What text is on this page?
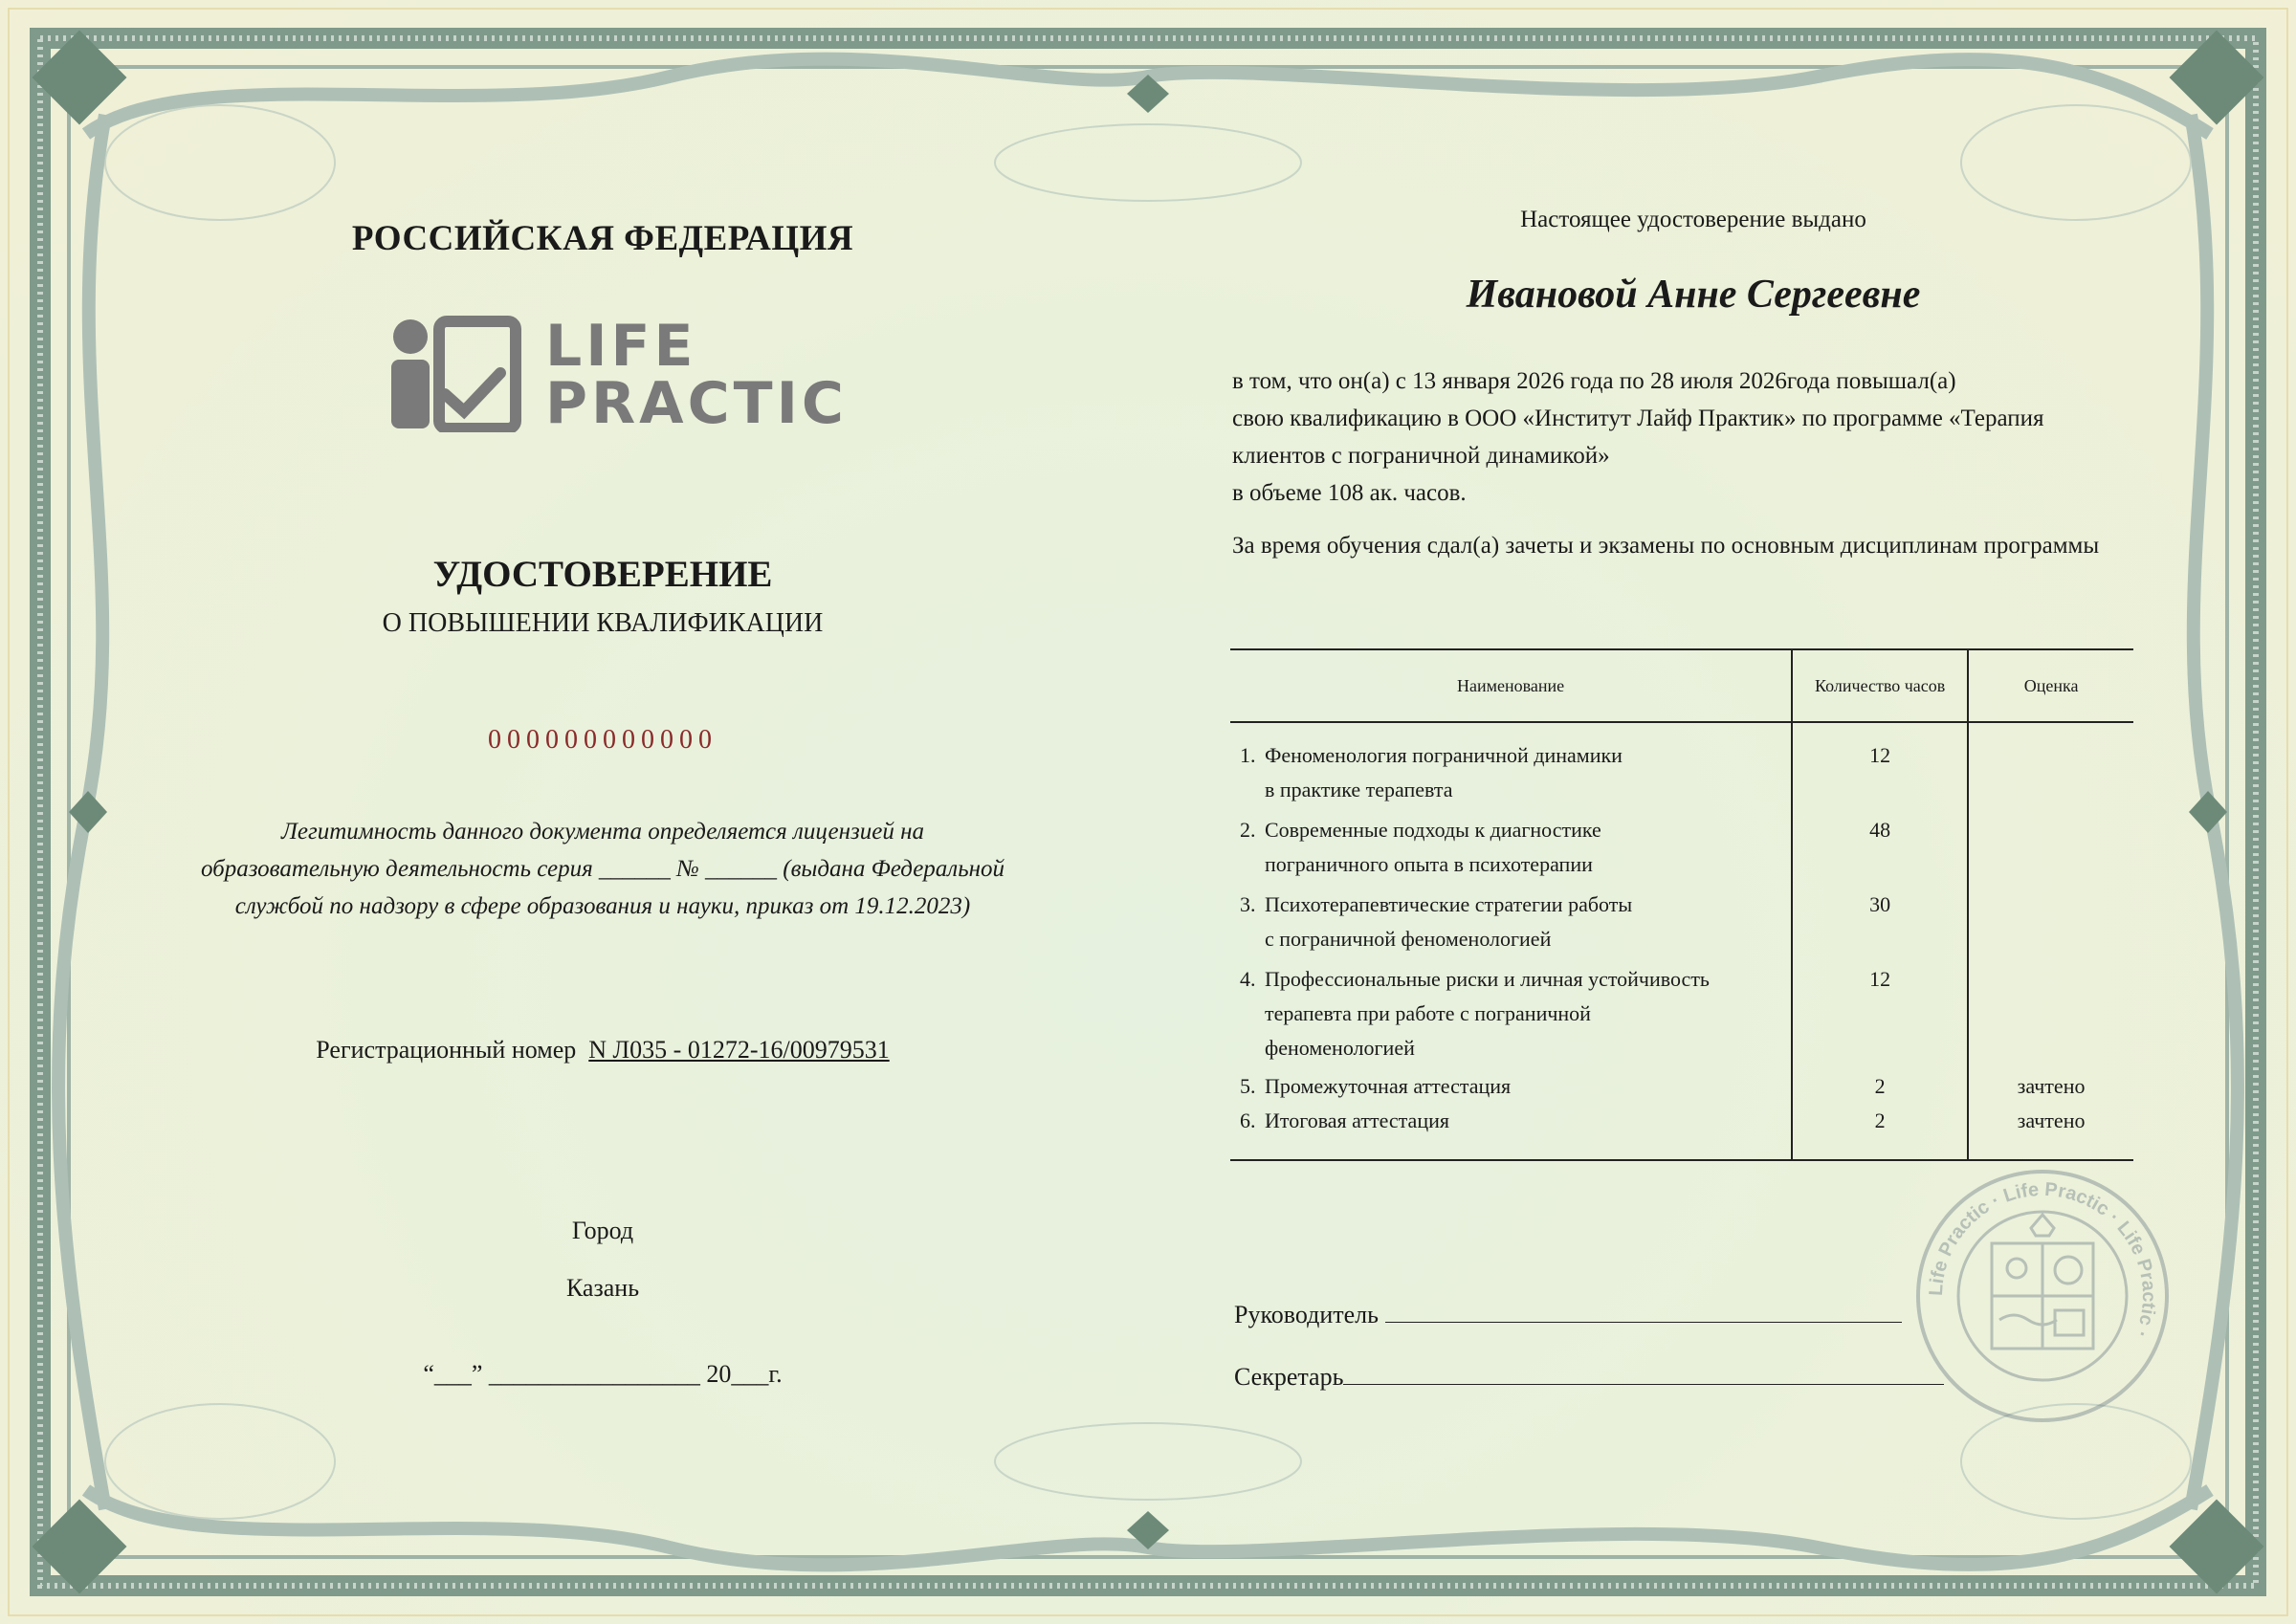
РОССИЙСКАЯ ФЕДЕРАЦИЯ
LIFE
PRACTIC
УДОСТОВЕРЕНИЕ
О ПОВЫШЕНИИ КВАЛИФИКАЦИИ
000000000000
Легитимность данного документа определяется лицензией на образовательную деятельность серия ______ № ______ (выдана Федеральной службой по надзору в сфере образования и науки, приказ от 19.12.2023)
Регистрационный номер N Л035 - 01272-16/00979531
Город
Казань
“___” _________________ 20___г.
Настоящее удостоверение выдано
Ивановой Анне Сергеевне
в том, что он(а) с 13 января 2026 года по 28 июля 2026года повышал(а)
свою квалификацию в ООО «Институт Лайф Практик» по программе «Терапия клиентов с пограничной динамикой»
в объеме 108 ак. часов.
За время обучения сдал(а) зачеты и экзамены по основным дисциплинам программы
Наименование	Количество часов	Оценка

1. Феноменология пограничной динамики
в практике терапевта	12	

2. Современные подходы к диагностике
пограничного опыта в психотерапии	48	

3. Психотерапевтические стратегии работы
с пограничной феноменологией	30	

4. Профессиональные риски и личная устойчивость
терапевта при работе с пограничной
феноменологией	12	

5. Промежуточная аттестация	2	зачтено

6. Итоговая аттестация	2	зачтено
Руководитель
Секретарь
Life Practic · Life Practic · Life Practic ·
